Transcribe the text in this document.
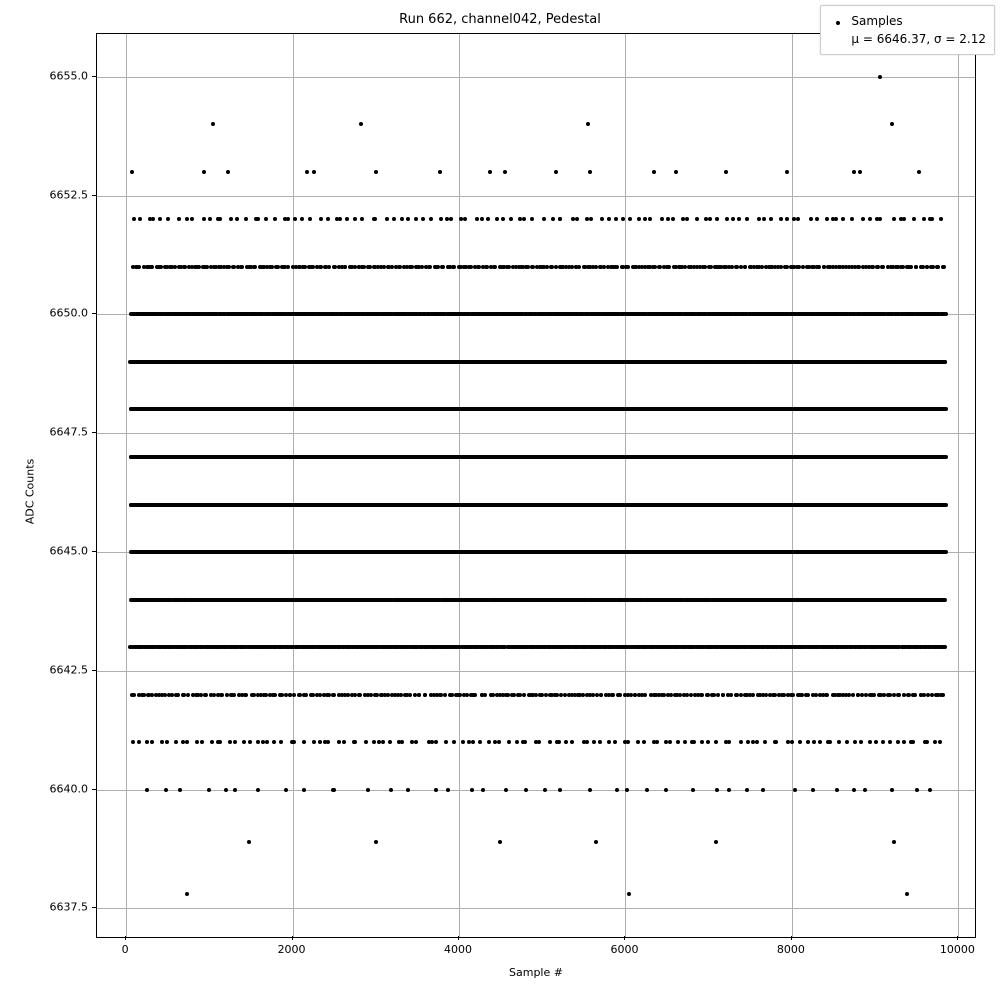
Run 662, channel042, Pedestal
ADC Counts
Sample #
Samples
μ = 6646.37, σ = 2.12
0	2000	4000	6000	8000	10000
6637.5
6640.0
6642.5
6645.0
6647.5
6650.0
6652.5
6655.0
